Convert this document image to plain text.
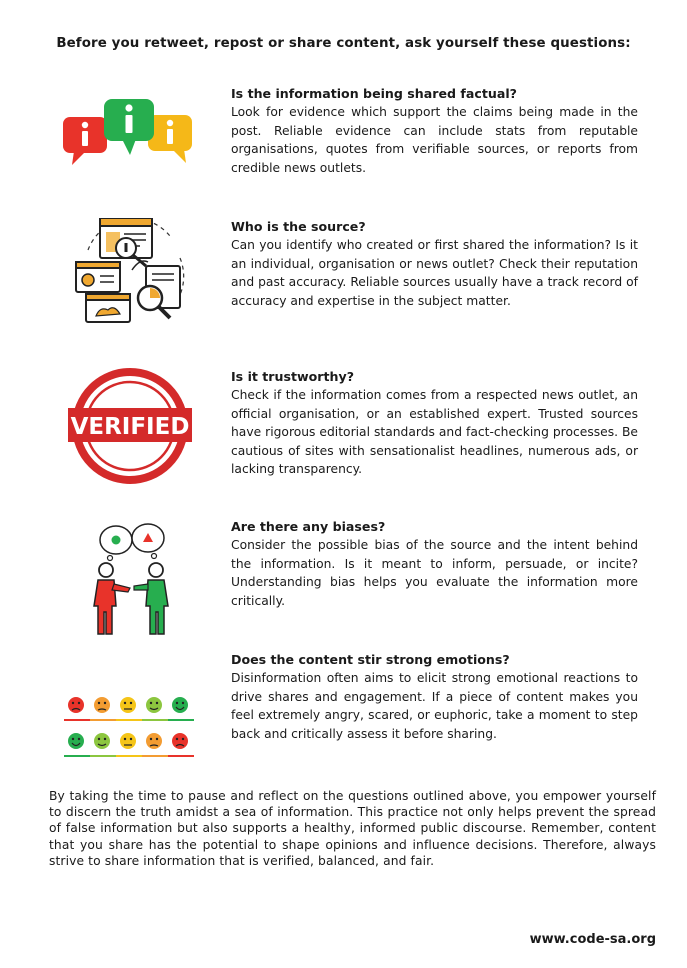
Before you retweet, repost or share content, ask yourself these questions:
Is the information being shared factual?

Look for evidence which support the claims being made in the post. Reliable evidence can include stats from reputable organisations, quotes from verifiable sources, or reports from credible news outlets.

Who is the source?

Can you identify who created or first shared the information? Is it an individual, organisation or news outlet? Check their reputation and past accuracy. Reliable sources usually have a track record of accuracy and expertise in the subject matter.

VERIFIED
Is it trustworthy?

Check if the information comes from a respected news outlet, an official organisation, or an established expert. Trusted sources have rigorous editorial standards and fact-checking processes. Be cautious of sites with sensationalist headlines, numerous ads, or lacking transparency.

Are there any biases?

Consider the possible bias of the source and the intent behind the information. Is it meant to inform, persuade, or incite? Understanding bias helps you evaluate the information more critically.

Does the content stir strong emotions?

Disinformation often aims to elicit strong emotional reactions to drive shares and engagement. If a piece of content makes you feel extremely angry, scared, or euphoric, take a moment to step back and critically assess it before sharing.

By taking the time to pause and reflect on the questions outlined above, you empower yourself to discern the truth amidst a sea of information. This practice not only helps prevent the spread of false information but also supports a healthy, informed public discourse. Remember, content that you share has the potential to shape opinions and influence decisions. Therefore, always strive to share information that is verified, balanced, and fair.

www.code-sa.org
